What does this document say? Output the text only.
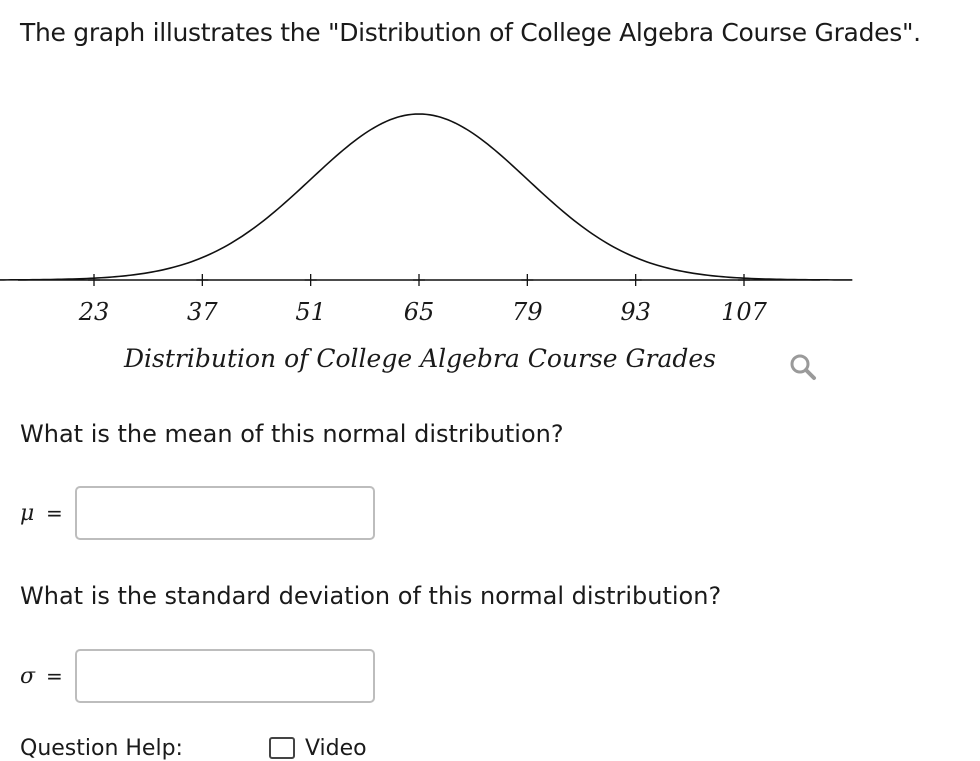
The graph illustrates the "Distribution of College Algebra Course Grades".
23	37	51	65	79	93	107
Distribution of College Algebra Course Grades
What is the mean of this normal distribution?
μ =
What is the standard deviation of this normal distribution?
σ =
Question Help:	Video
